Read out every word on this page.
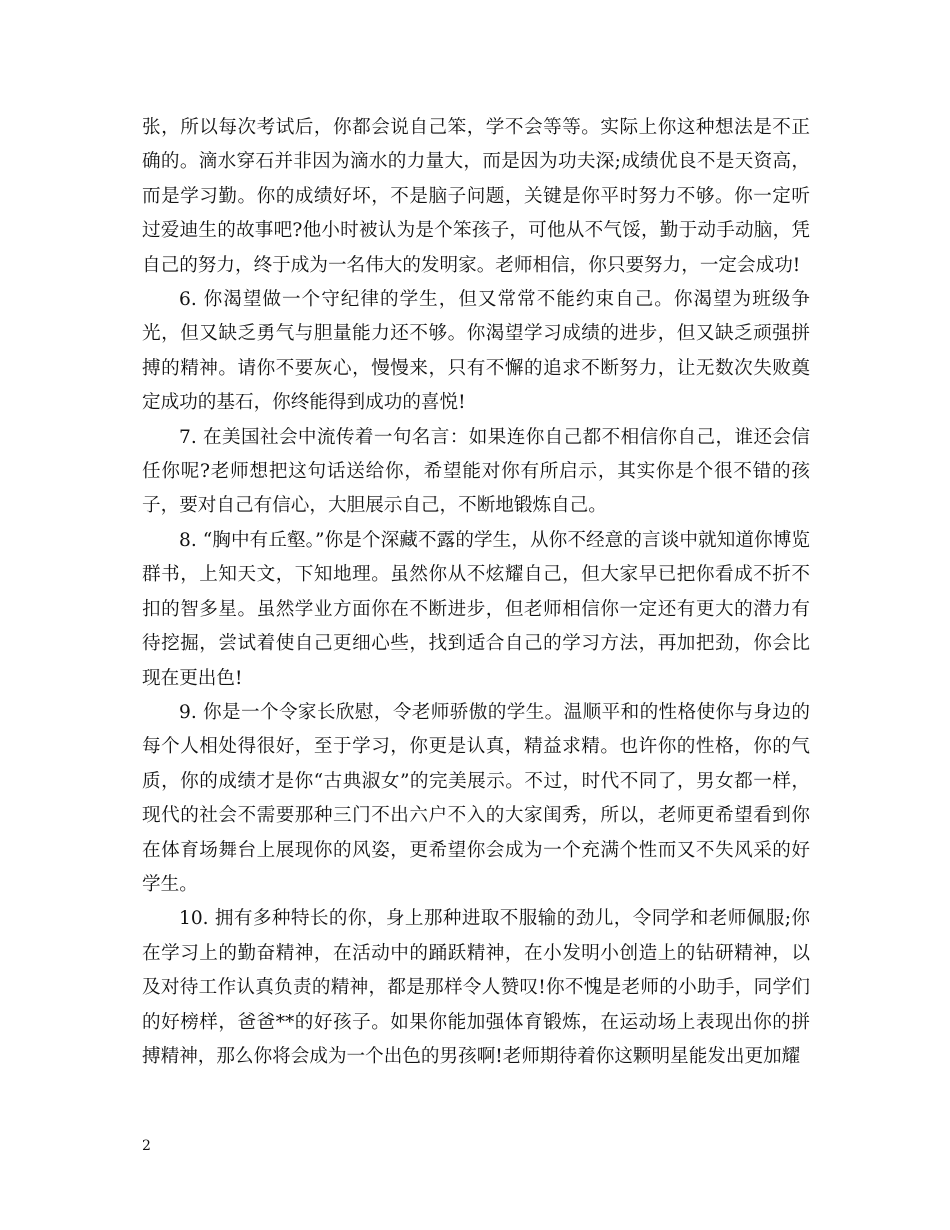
张，所以每次考试后，你都会说自己笨，学不会等等。实际上你这种想法是不正确的。滴水穿石并非因为滴水的力量大，而是因为功夫深;成绩优良不是天资高，而是学习勤。你的成绩好坏，不是脑子问题，关键是你平时努力不够。你一定听过爱迪生的故事吧?他小时被认为是个笨孩子，可他从不气馁，勤于动手动脑，凭自己的努力，终于成为一名伟大的发明家。老师相信，你只要努力，一定会成功!

6. 你渴望做一个守纪律的学生，但又常常不能约束自己。你渴望为班级争光，但又缺乏勇气与胆量能力还不够。你渴望学习成绩的进步，但又缺乏顽强拼搏的精神。请你不要灰心，慢慢来，只有不懈的追求不断努力，让无数次失败奠定成功的基石，你终能得到成功的喜悦!

7. 在美国社会中流传着一句名言：如果连你自己都不相信你自己，谁还会信任你呢?老师想把这句话送给你，希望能对你有所启示，其实你是个很不错的孩子，要对自己有信心，大胆展示自己，不断地锻炼自己。

8. “胸中有丘壑。”你是个深藏不露的学生，从你不经意的言谈中就知道你博览群书，上知天文，下知地理。虽然你从不炫耀自己，但大家早已把你看成不折不扣的智多星。虽然学业方面你在不断进步，但老师相信你一定还有更大的潜力有待挖掘，尝试着使自己更细心些，找到适合自己的学习方法，再加把劲，你会比现在更出色!

9. 你是一个令家长欣慰，令老师骄傲的学生。温顺平和的性格使你与身边的每个人相处得很好，至于学习，你更是认真，精益求精。也许你的性格，你的气质，你的成绩才是你“古典淑女”的完美展示。不过，时代不同了，男女都一样，现代的社会不需要那种三门不出六户不入的大家闺秀，所以，老师更希望看到你在体育场舞台上展现你的风姿，更希望你会成为一个充满个性而又不失风采的好学生。

10. 拥有多种特长的你，身上那种进取不服输的劲儿，令同学和老师佩服;你在学习上的勤奋精神，在活动中的踊跃精神，在小发明小创造上的钻研精神，以及对待工作认真负责的精神，都是那样令人赞叹!你不愧是老师的小助手，同学们的好榜样，爸爸**的好孩子。如果你能加强体育锻炼，在运动场上表现出你的拼搏精神，那么你将会成为一个出色的男孩啊!老师期待着你这颗明星能发出更加耀

2
